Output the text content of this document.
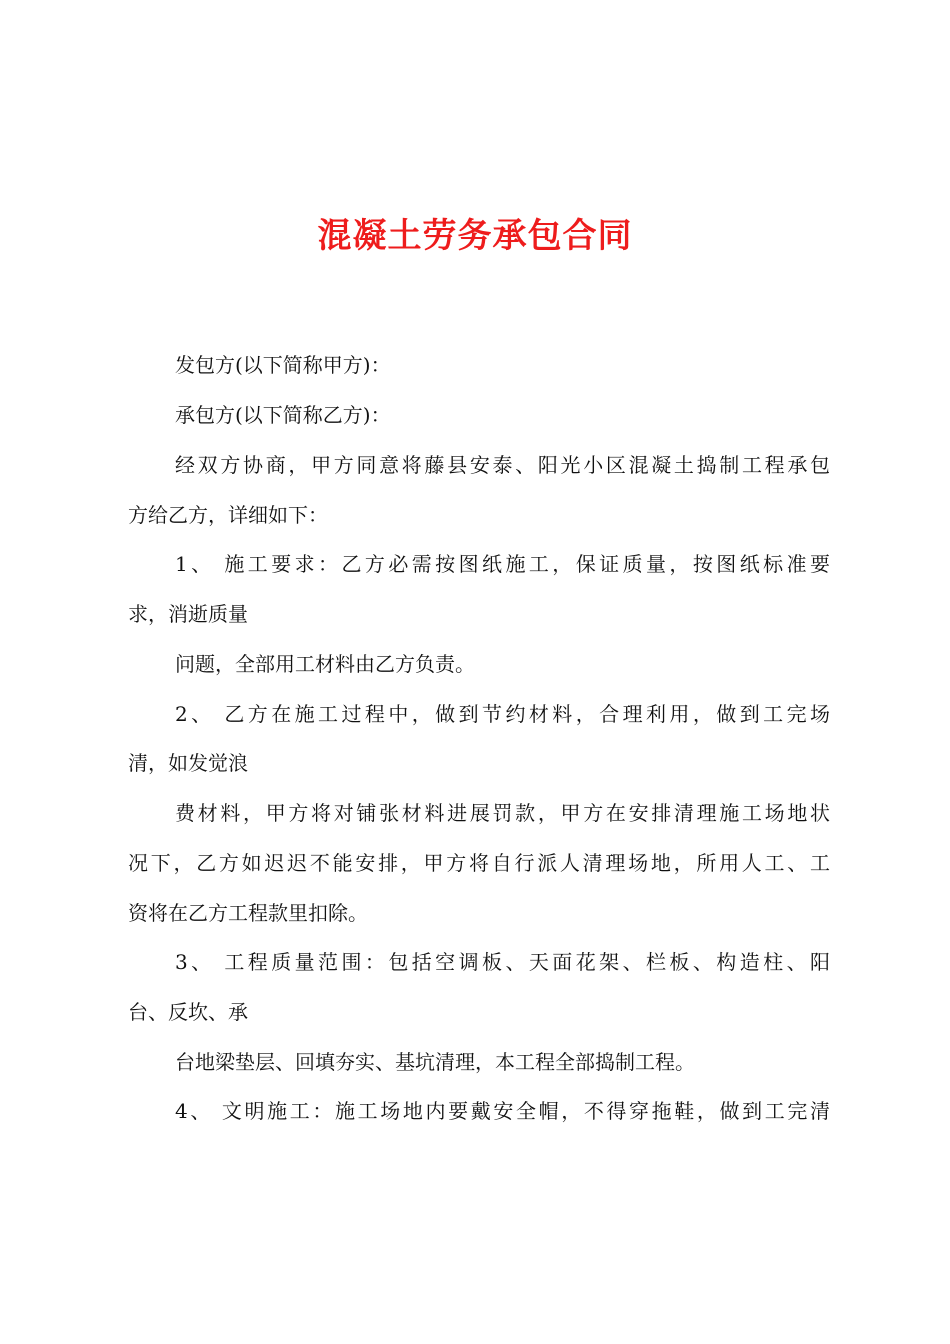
混凝土劳务承包合同
发包方(以下简称甲方)：
承包方(以下简称乙方)：
经双方协商，甲方同意将藤县安泰、阳光小区混凝土捣制工程承包
方给乙方，详细如下：
1、 施工要求：乙方必需按图纸施工，保证质量，按图纸标准要
求，消逝质量
问题，全部用工材料由乙方负责。
2、 乙方在施工过程中，做到节约材料，合理利用，做到工完场
清，如发觉浪
费材料，甲方将对铺张材料进展罚款，甲方在安排清理施工场地状
况下，乙方如迟迟不能安排，甲方将自行派人清理场地，所用人工、工
资将在乙方工程款里扣除。
3、 工程质量范围：包括空调板、天面花架、栏板、构造柱、阳
台、反坎、承
台地梁垫层、回填夯实、基坑清理，本工程全部捣制工程。
4、 文明施工：施工场地内要戴安全帽，不得穿拖鞋，做到工完清
